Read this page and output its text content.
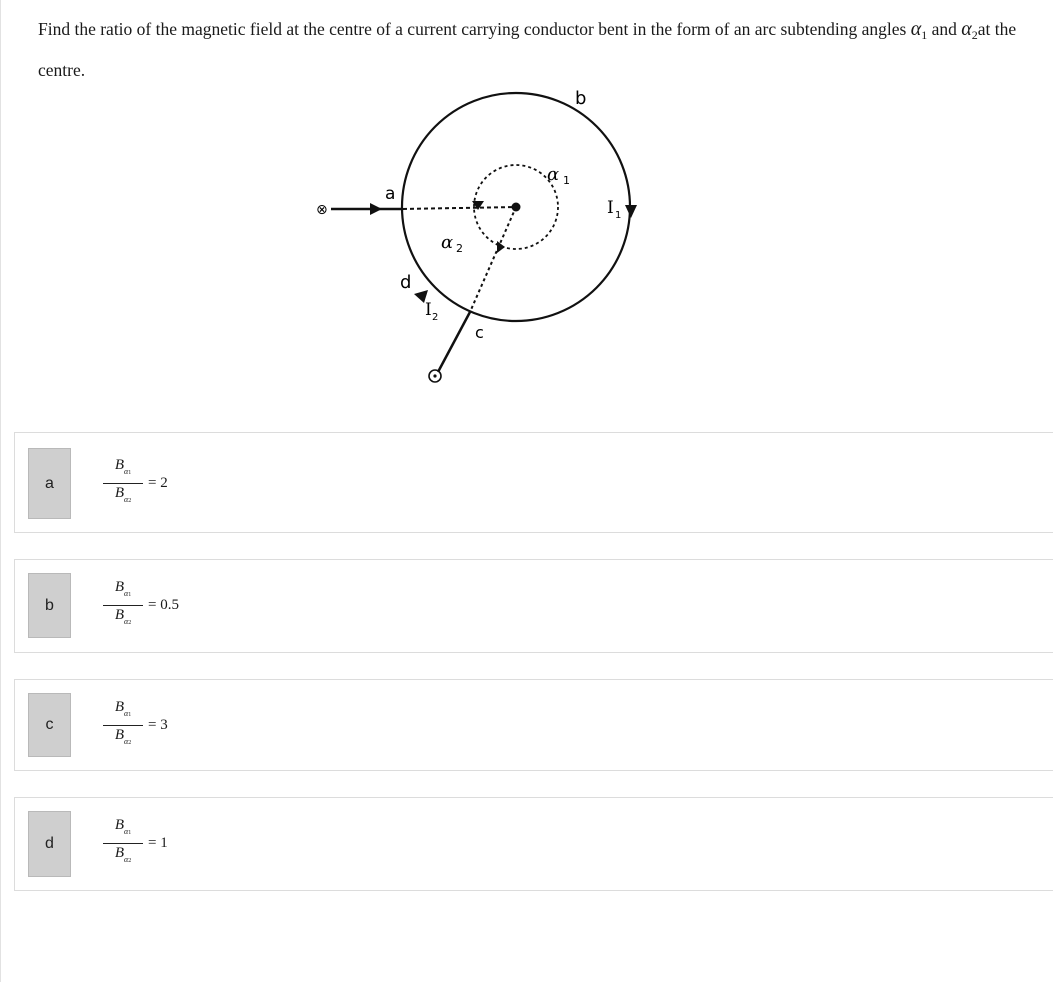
Find the ratio of the magnetic field at the centre of a current carrying conductor bent in the form of an arc subtending angles $\alpha_1$ and $\alpha_2at$ the centre.
⊗
a
b
c
d
α 1
α 2
I 1
I 2
a	$\frac{B_{\alpha 1}}{B_{\alpha 2}} = 2$
b	$\frac{B_{\alpha 1}}{B_{\alpha 2}} = 0.5$
c	$\frac{B_{\alpha 1}}{B_{\alpha 2}} = 3$
d	$\frac{B_{\alpha 1}}{B_{\alpha 2}} = 1$
